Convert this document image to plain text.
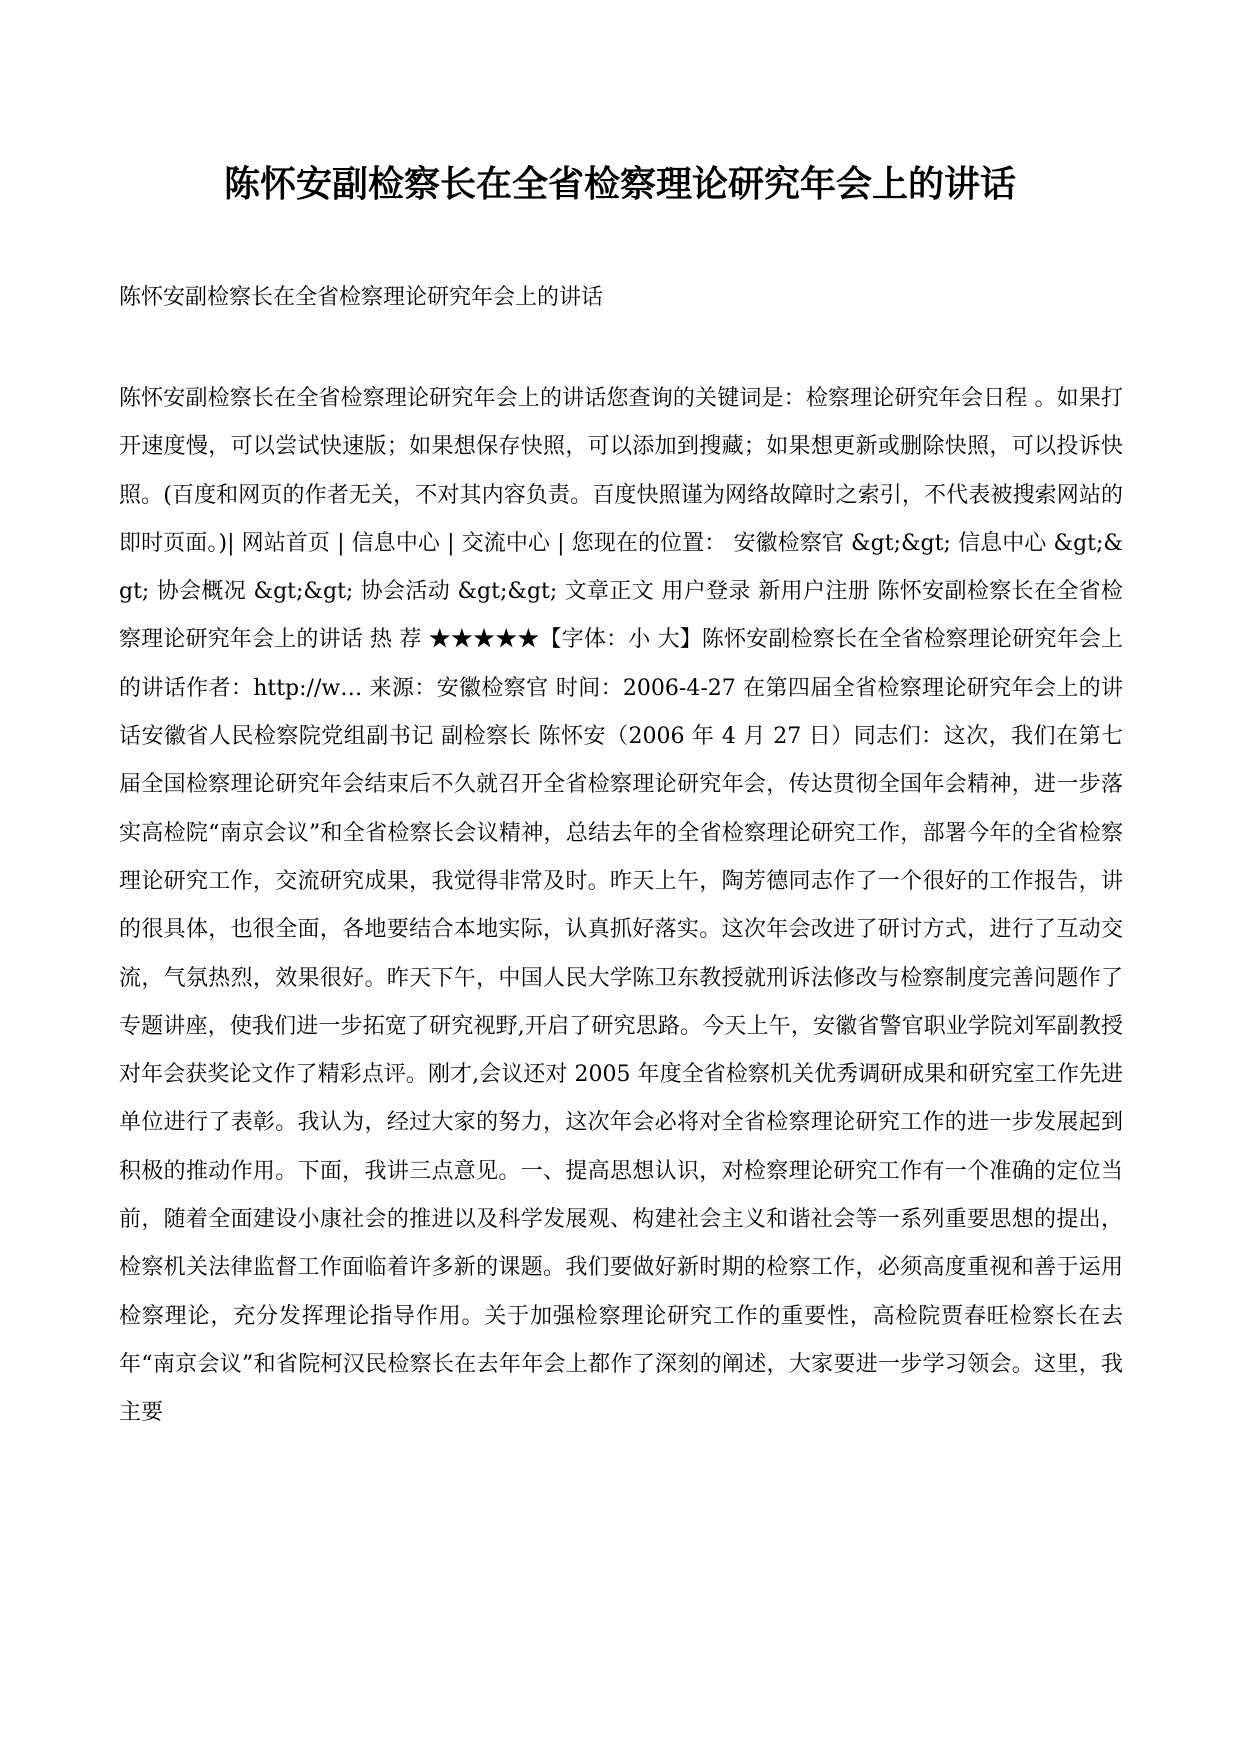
陈怀安副检察长在全省检察理论研究年会上的讲话

陈怀安副检察长在全省检察理论研究年会上的讲话

陈怀安副检察长在全省检察理论研究年会上的讲话您查询的关键词是：检察理论研究年会日程 。如果打开速度慢，可以尝试快速版；如果想保存快照，可以添加到搜藏；如果想更新或删除快照，可以投诉快照。(百度和网页的作者无关，不对其内容负责。百度快照谨为网络故障时之索引，不代表被搜索网站的即时页面。)| 网站首页 | 信息中心 | 交流中心 | 您现在的位置： 安徽检察官 &gt;&gt; 信息中心 &gt;&gt; 协会概况 &gt;&gt; 协会活动 &gt;&gt; 文章正文 用户登录 新用户注册 陈怀安副检察长在全省检察理论研究年会上的讲话 热 荐 ★★★★★【字体：小 大】陈怀安副检察长在全省检察理论研究年会上的讲话作者：http://w… 来源：安徽检察官 时间：2006-4-27 在第四届全省检察理论研究年会上的讲话安徽省人民检察院党组副书记 副检察长 陈怀安（2006 年 4 月 27 日）同志们：这次，我们在第七届全国检察理论研究年会结束后不久就召开全省检察理论研究年会，传达贯彻全国年会精神，进一步落实高检院“南京会议”和全省检察长会议精神，总结去年的全省检察理论研究工作，部署今年的全省检察理论研究工作，交流研究成果，我觉得非常及时。昨天上午，陶芳德同志作了一个很好的工作报告，讲的很具体，也很全面，各地要结合本地实际，认真抓好落实。这次年会改进了研讨方式，进行了互动交流，气氛热烈，效果很好。昨天下午，中国人民大学陈卫东教授就刑诉法修改与检察制度完善问题作了专题讲座，使我们进一步拓宽了研究视野,开启了研究思路。今天上午，安徽省警官职业学院刘军副教授对年会获奖论文作了精彩点评。刚才,会议还对 2005 年度全省检察机关优秀调研成果和研究室工作先进单位进行了表彰。我认为，经过大家的努力，这次年会必将对全省检察理论研究工作的进一步发展起到积极的推动作用。下面，我讲三点意见。一、提高思想认识，对检察理论研究工作有一个准确的定位当前，随着全面建设小康社会的推进以及科学发展观、构建社会主义和谐社会等一系列重要思想的提出，检察机关法律监督工作面临着许多新的课题。我们要做好新时期的检察工作，必须高度重视和善于运用检察理论，充分发挥理论指导作用。关于加强检察理论研究工作的重要性，高检院贾春旺检察长在去年“南京会议”和省院柯汉民检察长在去年年会上都作了深刻的阐述，大家要进一步学习领会。这里，我主要
